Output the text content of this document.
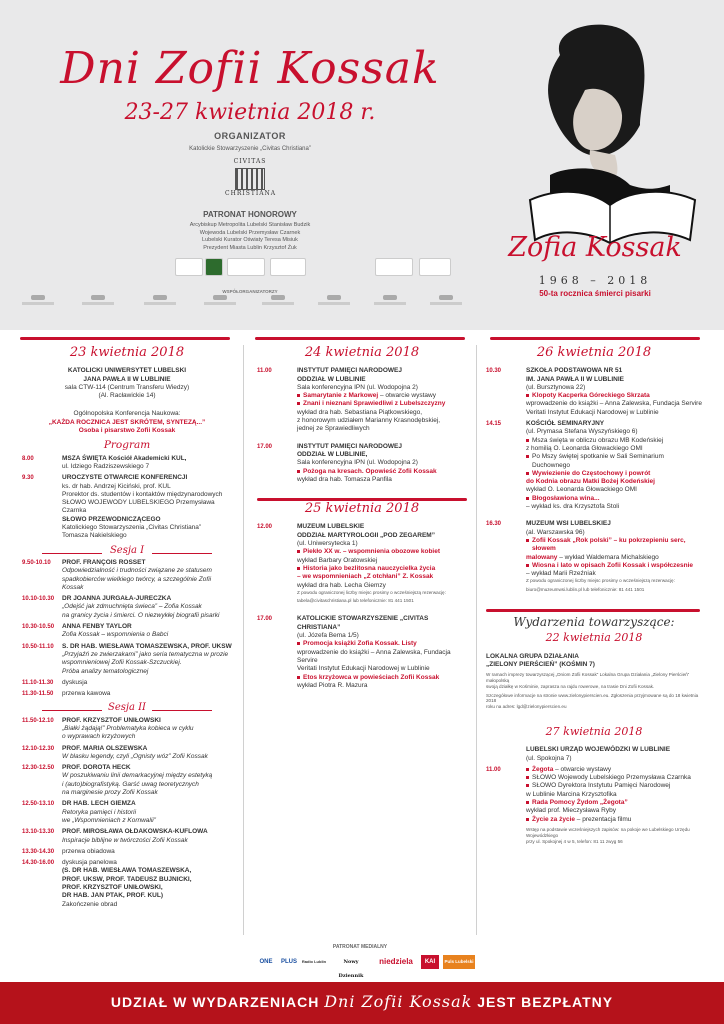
Dni Zofii Kossak
23-27 kwietnia 2018 r.
ORGANIZATOR
Katolickie Stowarzyszenie „Civitas Christiana”
CIVITAS
CHRISTIANA
PATRONAT HONOROWY
Arcybiskup Metropolita Lubelski Stanisław Budzik
Wojewoda Lubelski Przemysław Czarnek
Lubelski Kurator Oświaty Teresa Misiuk
Prezydent Miasta Lublin Krzysztof Żuk
WSPÓŁORGANIZATORZY
Zofia Kossak
1968 – 2018
50-ta rocznica śmierci pisarki
23 kwietnia 2018
KATOLICKI UNIWERSYTET LUBELSKI
JANA PAWŁA II W LUBLINIE
sala CTW-114 (Centrum Transferu Wiedzy)
(Al. Racławickie 14)
Ogólnopolska Konferencja Naukowa:
„KAŻDA ROCZNICA JEST SKRÓTEM, SYNTEZĄ...”
Osoba i pisarstwo Zofii Kossak
Program
8.00	MSZA ŚWIĘTA Kościół Akademicki KUL,
ul. Idziego Radziszewskiego 7
9.30	UROCZYSTE OTWARCIE KONFERENCJI
ks. dr hab. Andrzej Kiciński, prof. KUL
Prorektor ds. studentów i kontaktów międzynarodowych
SŁOWO WOJEWODY LUBELSKIEGO Przemysława Czarnka
SŁOWO PRZEWODNICZĄCEGO
Katolickiego Stowarzyszenia „Civitas Christiana”
Tomasza Nakielskiego
Sesja I
9.50-10.10	PROF. FRANÇOIS ROSSET
Odpowiedzialność i trudności związane ze statusem
spadkobierców wielkiego twórcy, a szczególnie Zofii Kossak
10.10-10.30	DR JOANNA JURGAŁA-JURECZKA
„Odejść jak zdmuchnięta świeca” – Zofia Kossak
na granicy życia i śmierci. O niezwykłej biografii pisarki
10.30-10.50	ANNA FENBY TAYLOR
Zofia Kossak – wspomnienia o Babci
10.50-11.10	S. DR HAB. WIESŁAWA TOMASZEWSKA, PROF. UKSW
„Przyjaźń ze zwierzakami” jako seria tematyczna w prozie
wspomnieniowej Zofii Kossak-Szczuckiej.
Próba analizy tematologicznej
11.10-11.30	dyskusja
11.30-11.50	przerwa kawowa
Sesja II
11.50-12.10	PROF. KRZYSZTOF UNIŁOWSKI
„Białki żądają!” Problematyka kobieca w cyklu
o wyprawach krzyżowych
12.10-12.30	PROF. MARIA OLSZEWSKA
W blasku legendy, czyli „Ognisty wóz” Zofii Kossak
12.30-12.50	PROF. DOROTA HECK
W poszukiwaniu linii demarkacyjnej między estetyką
i (auto)biografistyką. Garść uwag teoretycznych
na marginesie prozy Zofii Kossak
12.50-13.10	DR HAB. LECH GIEMZA
Retoryka pamięci i historii
we „Wspomnieniach z Kornwalii”
13.10-13.30	PROF. MIROSŁAWA OŁDAKOWSKA-KUFLOWA
Inspiracje biblijne w twórczości Zofii Kossak
13.30-14.30	przerwa obiadowa
14.30-16.00	dyskusja panelowa
(S. DR HAB. WIESŁAWA TOMASZEWSKA,
PROF. UKSW, PROF. TADEUSZ BUJNICKI,
PROF. KRZYSZTOF UNIŁOWSKI,
DR HAB. JAN PTAK, PROF. KUL)
Zakończenie obrad
24 kwietnia 2018
11.00	INSTYTUT PAMIĘCI NARODOWEJ
ODDZIAŁ W LUBLINIE
Sala konferencyjna IPN (ul. Wodopojna 2)
Samarytanie z Markowej – otwarcie wystawy
Znani i nieznani Sprawiedliwi z Lubelszczyzny
wykład dra hab. Sebastiana Piątkowskiego,
z honorowym udziałem Marianny Krasnodębskiej,
jednej ze Sprawiedliwych
17.00	INSTYTUT PAMIĘCI NARODOWEJ
ODDZIAŁ W LUBLINIE,
Sala konferencyjna IPN (ul. Wodopojna 2)
Pożoga na kresach. Opowieść Zofii Kossak
wykład dra hab. Tomasza Panfila
25 kwietnia 2018
12.00	MUZEUM LUBELSKIE
ODDZIAŁ MARTYROLOGII „POD ZEGAREM”
(ul. Uniwersytecka 1)
Piekło XX w. – wspomnienia obozowe kobiet
wykład Barbary Oratowskiej
Historia jako bezlitosna nauczycielka życia
– we wspomnieniach „Z otchłani” Z. Kossak
wykład dra hab. Lecha Giemzy
Z powodu ograniczonej liczby miejsc prosimy o wcześniejszą rezerwację:
tabela@civitaschristiana.pl lub telefonicznie: 81 441 1501
17.00	KATOLICKIE STOWARZYSZENIE „CIVITAS CHRISTIANA”
(ul. Józefa Bema 1/5)
Promocja książki Zofia Kossak. Listy
wprowadzenie do książki – Anna Zalewska, Fundacja Servire
Veritati Instytut Edukacji Narodowej w Lublinie
Etos krzyżowca w powieściach Zofii Kossak
wykład Piotra R. Mazura
26 kwietnia 2018
10.30	SZKOŁA PODSTAWOWA NR 51
IM. JANA PAWŁA II W LUBLINIE
(ul. Bursztynowa 22)
Klopoty Kacperka Góreckiego Skrzata
wprowadzenie do książki – Anna Zalewska, Fundacja Servire
Veritati Instytut Edukacji Narodowej w Lublinie
14.15	KOŚCIÓŁ SEMINARYJNY
(ul. Prymasa Stefana Wyszyńskiego 6)
Msza święta w obliczu obrazu MB Kodeńskiej
z homilią O. Leonarda Głowackiego OMI
Po Mszy świętej spotkanie w Sali Seminarium Duchownego
Wywiezienie do Częstochowy i powrót
do Kodnia obrazu Matki Bożej Kodeńskiej
wykład O. Leonarda Głowackiego OMI
Błogosławiona wina...
– wykład ks. dra Krzysztofa Stoli
16.30	MUZEUM WSI LUBELSKIEJ
(al. Warszawska 96)
Zofii Kossak „Rok polski” – ku pokrzepieniu serc, słowem
malowany – wykład Waldemara Michalskiego
Wiosna i lato w opisach Zofii Kossak i współczesnie
– wykład Marii Rzeźniak
Z powodu ograniczonej liczby miejsc prosimy o wcześniejszą rezerwację:
biuro@muzeumwsi.lublin.pl lub telefonicznie: 81 441 1501
Wydarzenia towarzyszące:
22 kwietnia 2018
LOKALNA GRUPA DZIAŁANIA
„ZIELONY PIERŚCIEŃ” (KOŚMIN 7)
W ramach imprezy towarzyszącej „Dniom Zofii Kossak” Lokalna Grupa Działania „Zielony Pierścień” małopolską
swoją działkę w Kośminie, zaprasza na rajdu rowerowe, na trasie Dni Zofii Kossak.
Szczegółowe informacje na stronie www.zielonypierscien.eu. Zgłoszenia przyjmowane są do 18 kwietnia 2018
roku na adres: lgd@zielonypierscien.eu
27 kwietnia 2018
LUBELSKI URZĄD WOJEWÓDZKI W LUBLINIE
(ul. Spokojna 7)
11.00	Żegota – otwarcie wystawy
SŁOWO Wojewody Lubelskiego Przemysława Czarnka
SŁOWO Dyrektora Instytutu Pamięci Narodowej
w Lublinie Marcina Krzysztofika
Rada Pomocy Żydom „Żegota”
wykład prof. Mieczysława Ryby
Życie za życie – prezentacja filmu
Wstęp na podstawie wcześniejszych zapisów: na pokoje we Lubelskiego Urzędu Wojewódzkiego
przy ul. Spokojnej 4 w 5, telefon: 81 11 zwyg 56
PATRONAT MEDIALNY
ONE	PLUS	Radio Lublin	Nowy Dziennik
niedziela	KAI	Puls Lubelski
UDZIAŁ W WYDARZENIACH Dni Zofii Kossak JEST BEZPŁATNY
